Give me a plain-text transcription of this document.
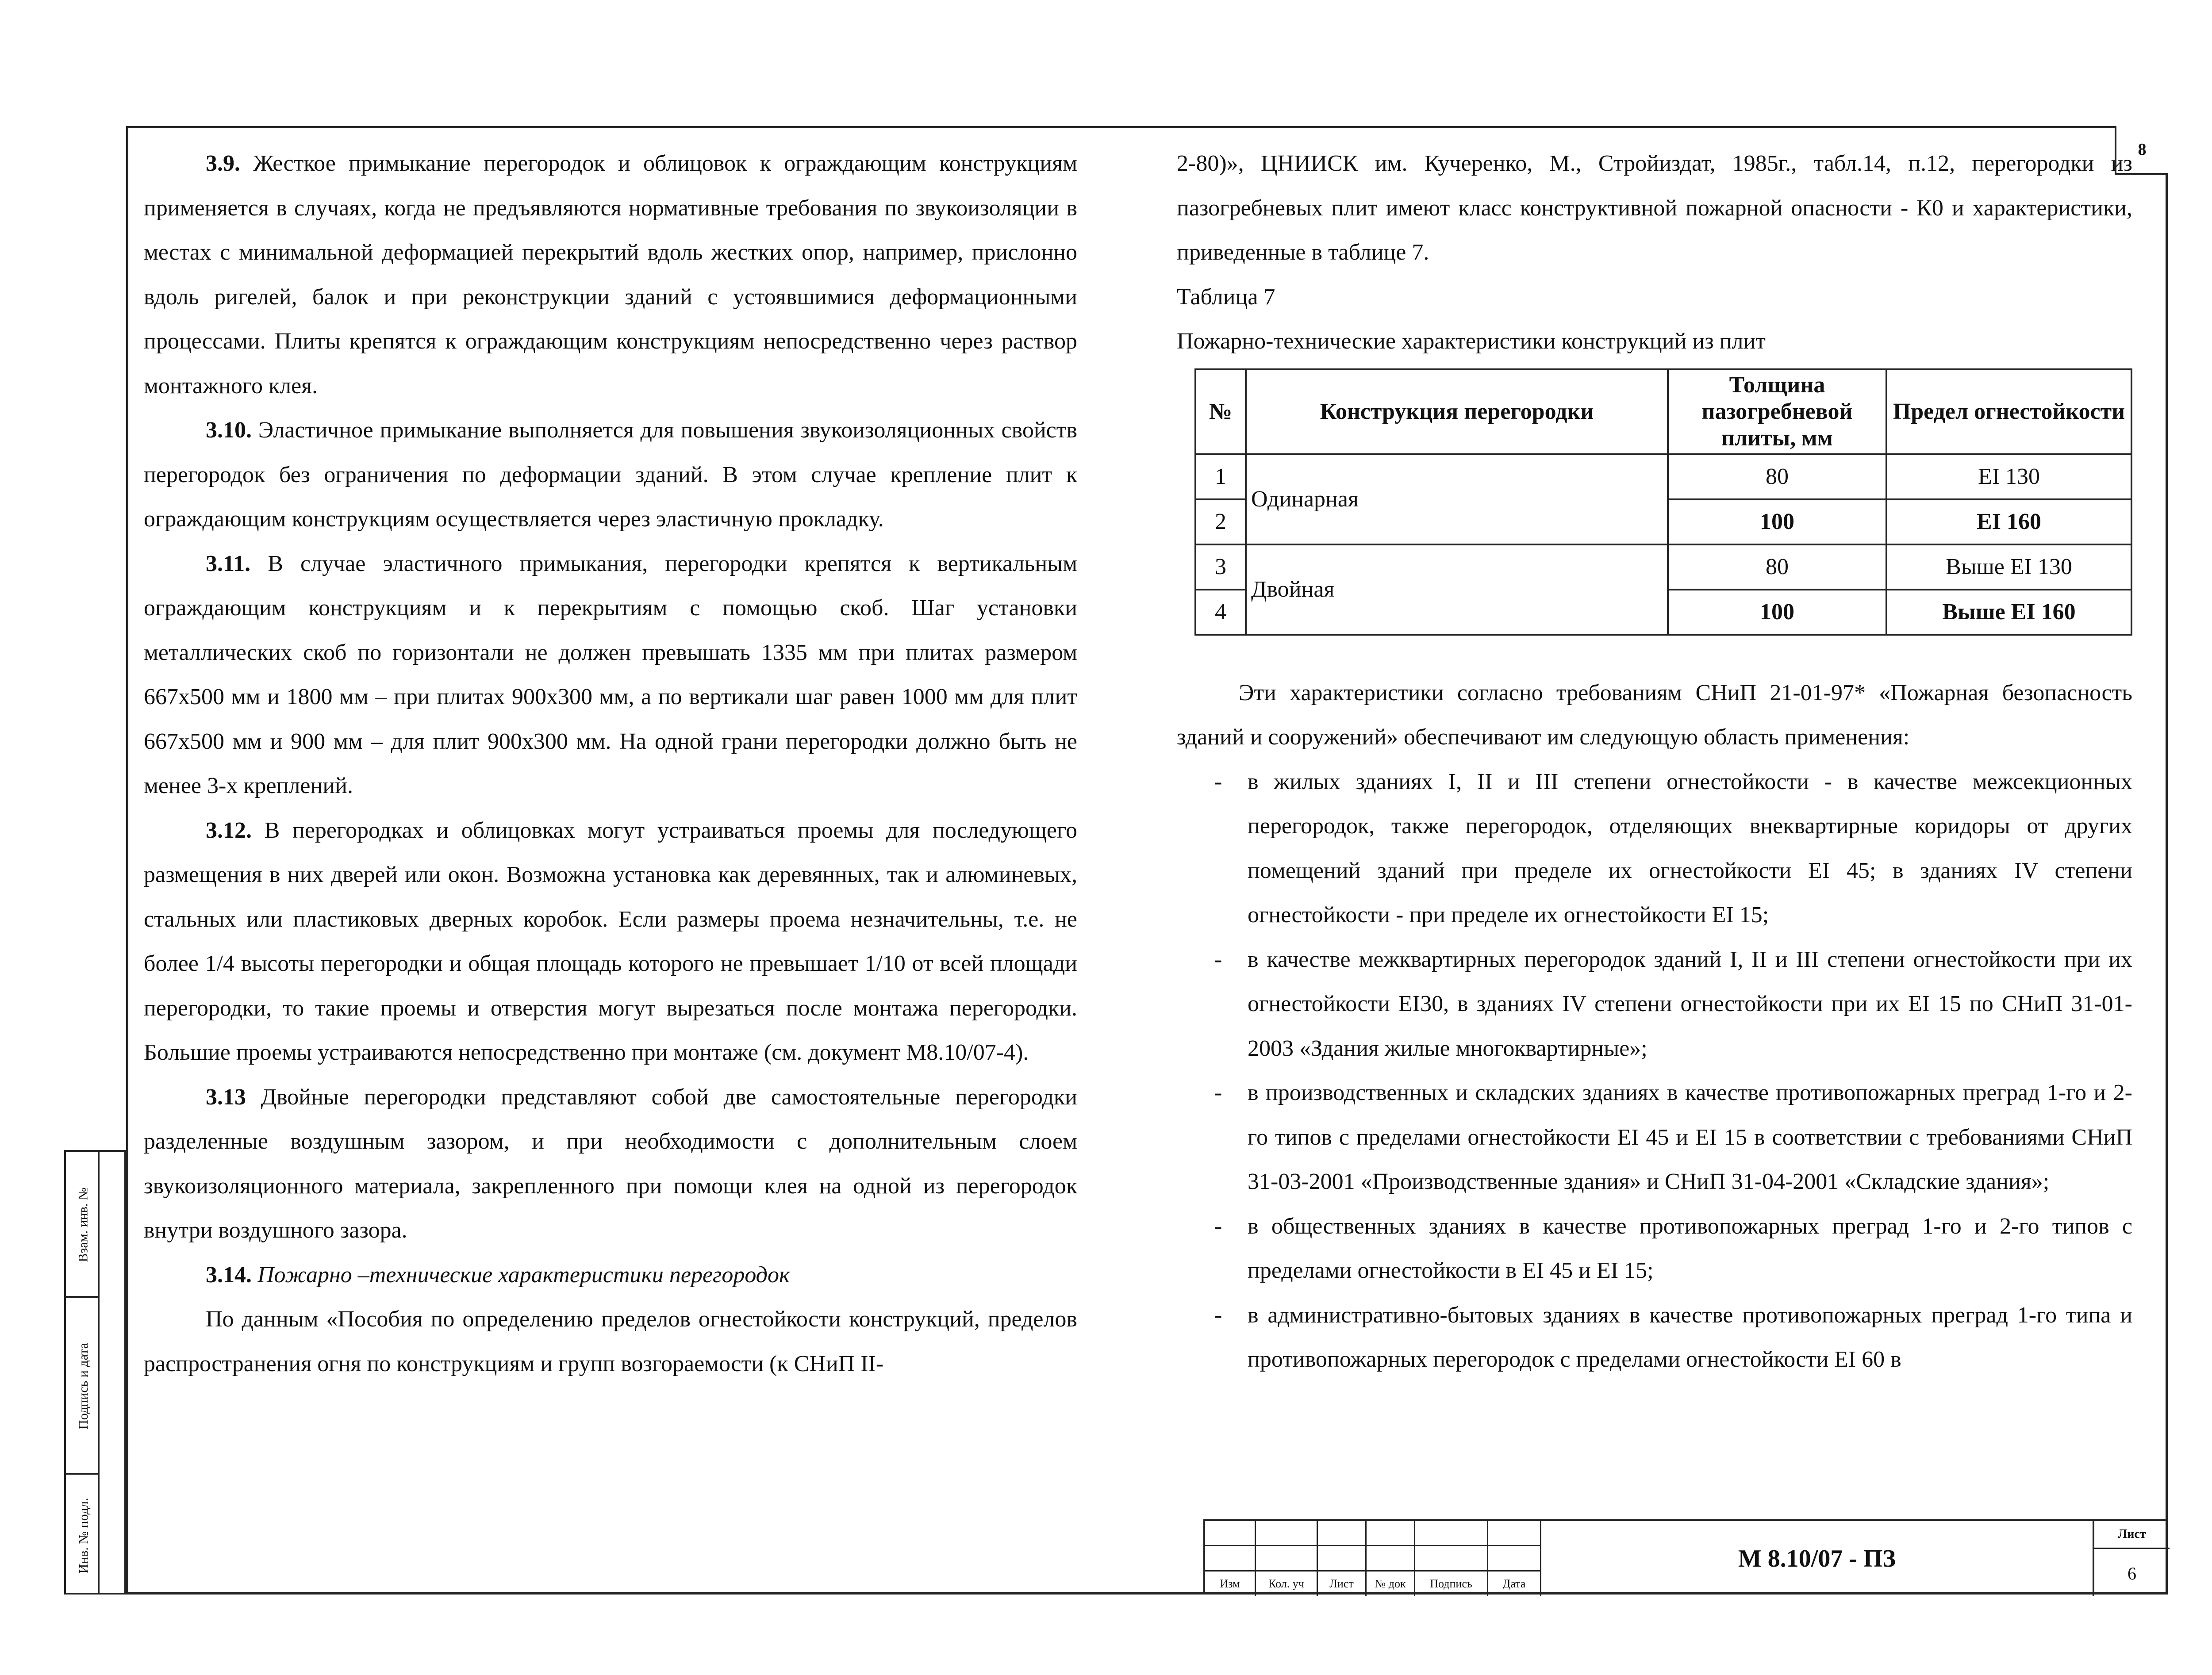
8

3.9. Жесткое примыкание перегородок и облицовок к ограждающим конструкциям применяется в случаях, когда не предъявляются нормативные требования по звукоизоляции в местах с минимальной деформацией перекрытий вдоль жестких опор, например, прислонно вдоль ригелей, балок и при реконструкции зданий с устоявшимися деформационными процессами. Плиты крепятся к ограждающим конструкциям непосредственно через раствор монтажного клея.

3.10. Эластичное примыкание выполняется для повышения звукоизоляционных свойств перегородок без ограничения по деформации зданий. В этом случае крепление плит к ограждающим конструкциям осуществляется через эластичную прокладку.

3.11. В случае эластичного примыкания, перегородки крепятся к вертикальным ограждающим конструкциям и к перекрытиям с помощью скоб. Шаг установки металлических скоб по горизонтали не должен превышать 1335 мм при плитах размером 667х500 мм и 1800 мм – при плитах 900х300 мм, а по вертикали шаг равен 1000 мм для плит 667х500 мм и 900 мм – для плит 900х300 мм. На одной грани перегородки должно быть не менее 3-х креплений.

3.12. В перегородках и облицовках могут устраиваться проемы для последующего размещения в них дверей или окон. Возможна установка как деревянных, так и алюминевых, стальных или пластиковых дверных коробок. Если размеры проема незначительны, т.е. не более 1/4 высоты перегородки и общая площадь которого не превышает 1/10 от всей площади перегородки, то такие проемы и отверстия могут вырезаться после монтажа перегородки. Большие проемы устраиваются непосредственно при монтаже (см. документ М8.10/07-4).

3.13 Двойные перегородки представляют собой две самостоятельные перегородки разделенные воздушным зазором, и при необходимости с дополнительным слоем звукоизоляционного материала, закрепленного при помощи клея на одной из перегородок внутри воздушного зазора.

3.14. Пожарно –технические характеристики перегородок

По данным «Пособия по определению пределов огнестойкости конструкций, пределов распространения огня по конструкциям и групп возгораемости (к СНиП II-

2-80)», ЦНИИСК им. Кучеренко, М., Стройиздат, 1985г., табл.14, п.12, перегородки из пазогребневых плит имеют класс конструктивной пожарной опасности - К0 и характеристики, приведенные в таблице 7.

Таблица 7

Пожарно-технические характеристики конструкций из плит

№	Конструкция перегородки	Толщина пазогребневой плиты, мм	Предел огнестойкости
1	Одинарная	80	EI 130
2		100	EI 160
3	Двойная	80	Выше EI 130
4		100	Выше EI 160

Эти характеристики согласно требованиям СНиП 21-01-97* «Пожарная безопасность зданий и сооружений» обеспечивают им следующую область применения:

- в жилых зданиях I, II и III степени огнестойкости - в качестве межсекционных перегородок, также перегородок, отделяющих внеквартирные коридоры от других помещений зданий при пределе их огнестойкости EI 45; в зданиях IV степени огнестойкости - при пределе их огнестойкости EI 15;

- в качестве межквартирных перегородок зданий I, II и III степени огнестойкости при их огнестойкости EI30, в зданиях IV степени огнестойкости при их EI 15 по СНиП 31-01-2003 «Здания жилые многоквартирные»;

- в производственных и складских зданиях в качестве противопожарных преград 1-го и 2-го типов с пределами огнестойкости EI 45 и EI 15 в соответствии с требованиями СНиП 31-03-2001 «Производственные здания» и СНиП 31-04-2001 «Складские здания»;

- в общественных зданиях в качестве противопожарных преград 1-го и 2-го типов с пределами огнестойкости в EI 45 и EI 15;

- в административно-бытовых зданиях в качестве противопожарных преград 1-го типа и противопожарных перегородок с пределами огнестойкости EI 60 в

Взам. инв. №
Подпись и дата
Инв. № подл.
Изм	Кол. уч	Лист	№ док	Подпись	Дата
М 8.10/07 - ПЗ
Лист
6
